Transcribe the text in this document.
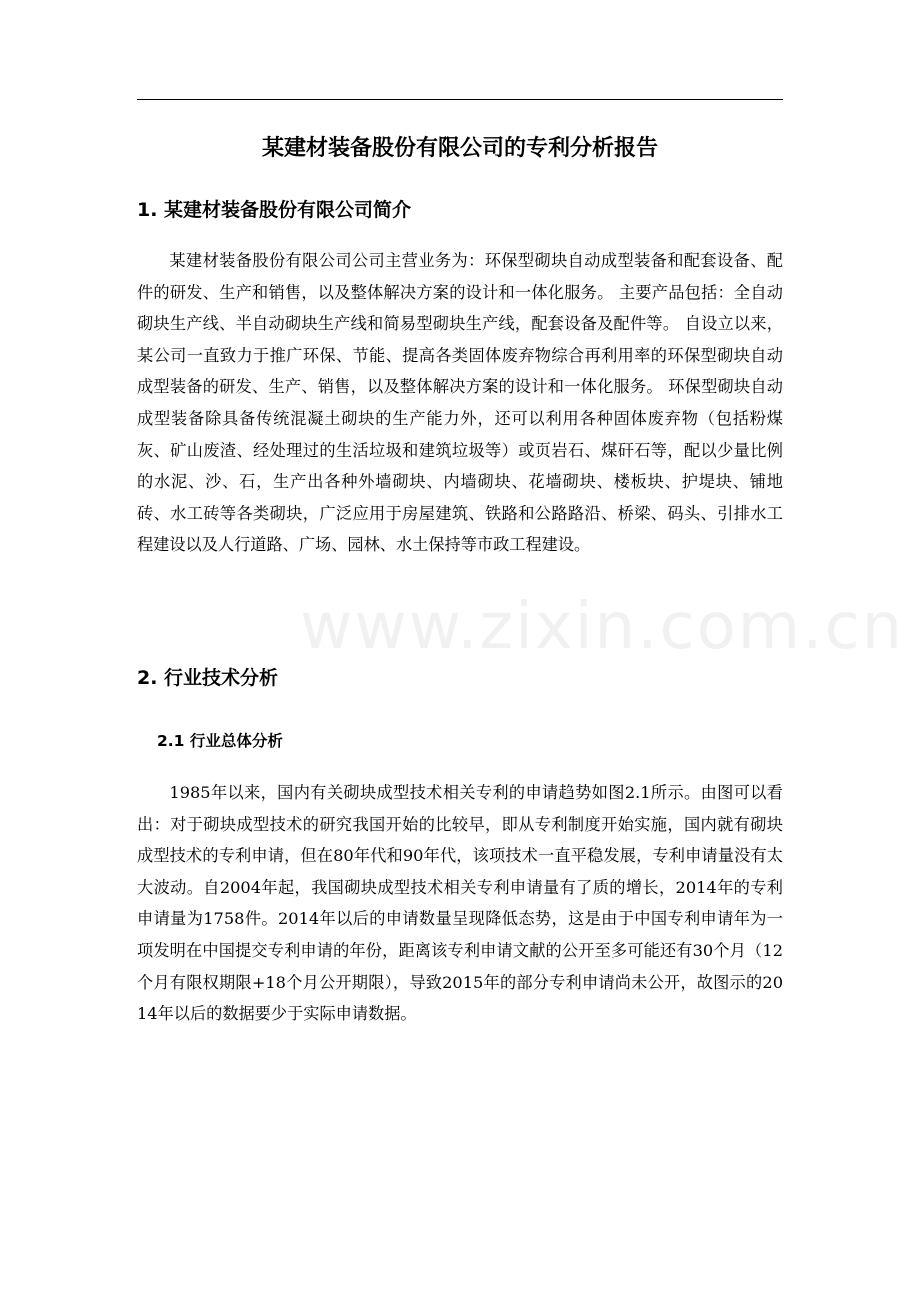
www.zixin.com.cn
某建材装备股份有限公司的专利分析报告
1. 某建材装备股份有限公司简介

某建材装备股份有限公司公司主营业务为：环保型砌块自动成型装备和配套设备、配件的研发、生产和销售，以及整体解决方案的设计和一体化服务。 主要产品包括：全自动砌块生产线、半自动砌块生产线和简易型砌块生产线，配套设备及配件等。 自设立以来，某公司一直致力于推广环保、节能、提高各类固体废弃物综合再利用率的环保型砌块自动成型装备的研发、生产、销售，以及整体解决方案的设计和一体化服务。 环保型砌块自动成型装备除具备传统混凝土砌块的生产能力外，还可以利用各种固体废弃物（包括粉煤灰、矿山废渣、经处理过的生活垃圾和建筑垃圾等）或页岩石、煤矸石等，配以少量比例的水泥、沙、石，生产出各种外墙砌块、内墙砌块、花墙砌块、楼板块、护堤块、铺地砖、水工砖等各类砌块，广泛应用于房屋建筑、铁路和公路路沿、桥梁、码头、引排水工程建设以及人行道路、广场、园林、水土保持等市政工程建设。

2. 行业技术分析
2.1 行业总体分析

1985年以来，国内有关砌块成型技术相关专利的申请趋势如图2.1所示。由图可以看出：对于砌块成型技术的研究我国开始的比较早，即从专利制度开始实施，国内就有砌块成型技术的专利申请，但在80年代和90年代，该项技术一直平稳发展，专利申请量没有太大波动。自2004年起，我国砌块成型技术相关专利申请量有了质的增长，2014年的专利申请量为1758件。2014年以后的申请数量呈现降低态势，这是由于中国专利申请年为一项发明在中国提交专利申请的年份，距离该专利申请文献的公开至多可能还有30个月（12个月有限权期限+18个月公开期限），导致2015年的部分专利申请尚未公开，故图示的2014年以后的数据要少于实际申请数据。
